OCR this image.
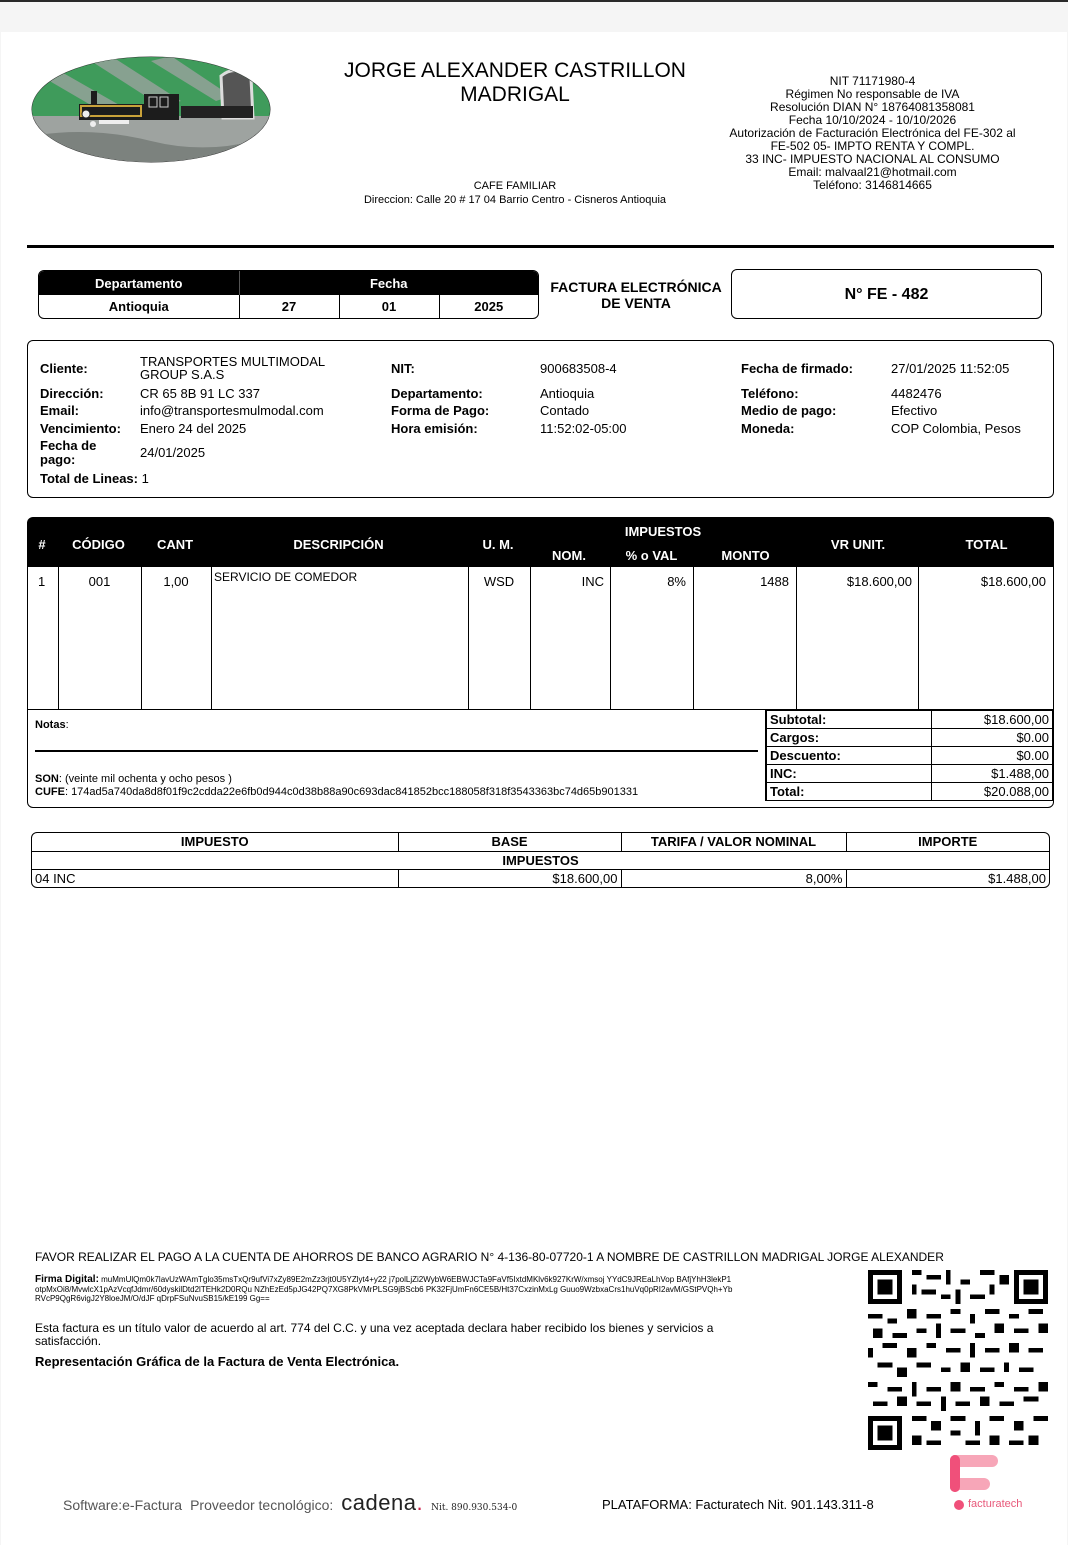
JORGE ALEXANDER CASTRILLON MADRIGAL
CAFE FAMILIAR
Direccion: Calle 20 # 17 04 Barrio Centro - Cisneros Antioquia
NIT 71171980-4
Régimen No responsable de IVA
Resolución DIAN N° 18764081358081
Fecha 10/10/2024 - 10/10/2026
Autorización de Facturación Electrónica del FE-302 al
FE-502 05- IMPTO RENTA Y COMPL.
33 INC- IMPUESTO NACIONAL AL CONSUMO
Email: malvaal21@hotmail.com
Teléfono: 3146814665
Departamento	Fecha		
Antioquia	27	01	2025
FACTURA ELECTRÓNICA
DE VENTA	N° FE - 482
Cliente:	TRANSPORTES MULTIMODAL GROUP S.A.S
Dirección:	CR 65 8B 91 LC 337
Email:	info@transportesmulmodal.com
Vencimiento: Enero 24 del 2025
Fecha de pago:	24/01/2025
Total de Lineas: 1
NIT:	900683508-4
Departamento:	Antioquia
Forma de Pago:	Contado
Hora emisión:	11:52:02-05:00
Fecha de firmado:	27/01/2025 11:52:05
Teléfono:	4482476
Medio de pago:	Efectivo
Moneda:	COP Colombia, Pesos
#	CÓDIGO	CANT	DESCRIPCIÓN	U. M.
IMPUESTOS
NOM.	% o VAL	MONTO
VR UNIT.	TOTAL
1	001	1,00	SERVICIO DE COMEDOR	WSD	INC	8%	1488	$18.600,00	$18.600,00
Notas:
SON: (veinte mil ochenta y ocho pesos )
CUFE: 174ad5a740da8d8f01f9c2cdda22e6fb0d944c0d38b88a90c693dac841852bcc188058f318f3543363bc74d65b901331
Subtotal:	$18.600,00
Cargos:	$0.00
Descuento:	$0.00
INC:	$1.488,00
Total:	$20.088,00
IMPUESTO	BASE	TARIFA / VALOR NOMINAL	IMPORTE
IMPUESTOS			
04 INC	$18.600,00	8,00%	$1.488,00
FAVOR REALIZAR EL PAGO A LA CUENTA DE AHORROS DE BANCO AGRARIO N° 4-136-80-07720-1 A NOMBRE DE CASTRILLON MADRIGAL JORGE ALEXANDER
Firma Digital: muMmUlQm0k7lavUzWAmTglo35msTxQr9ufVi7xZy89E2mZz3rjt0U5YZlyt4+y22 j7polLjZi2WybW6EBWJCTa9FaVf5IxtdMKlv6k927KrW/xmsoj YYdC9JREaLhVop BAfjYhH3lekP1otpMxOi8/MvwlcX1pAzVcqfJdmr/60dyskilDtd2lTEHk2D0RQu NZhEzEd5pJG42PQ7XG8PkVMrPLSG9jBScb6 PK32FjUmFn6CE5B/Ht37CxzinMxLg Guuo9WzbxaCrs1huVq0pRI2avM/GStPVQh+YbRVcP9QgR6vigJ2Y8loeJM/O/dJF qDrpFSuNvuSB15/kE199 Gg==
Esta factura es un título valor de acuerdo al art. 774 del C.C. y una vez aceptada declara haber recibido los bienes y servicios a satisfacción.
Representación Gráfica de la Factura de Venta Electrónica.
Software:e-Factura Proveedor tecnológico: cadena. Nit. 890.930.534-0	PLATAFORMA: Facturatech Nit. 901.143.311-8	facturatech
